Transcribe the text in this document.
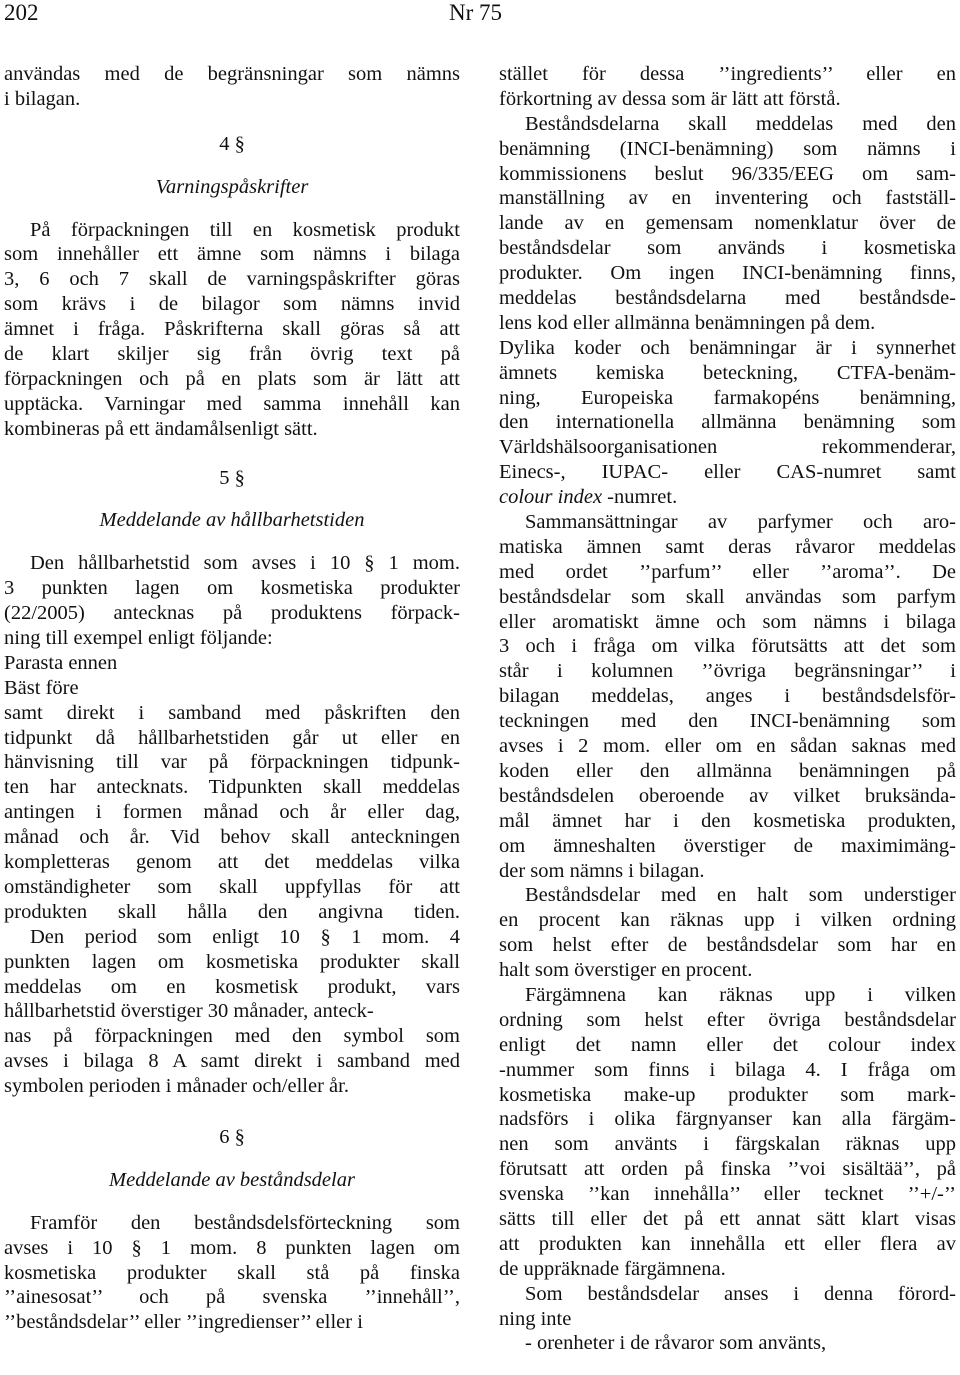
202	Nr 75
användas med de begränsningar som nämns
i bilagan.
4 §
Varningspåskrifter
På förpackningen till en kosmetisk produkt
som innehåller ett ämne som nämns i bilaga
3, 6 och 7 skall de varningspåskrifter göras
som krävs i de bilagor som nämns invid
ämnet i fråga. Påskrifterna skall göras så att
de klart skiljer sig från övrig text på
förpackningen och på en plats som är lätt att
upptäcka. Varningar med samma innehåll kan
kombineras på ett ändamålsenligt sätt.
5 §
Meddelande av hållbarhetstiden
Den hållbarhetstid som avses i 10 § 1 mom.
3 punkten lagen om kosmetiska produkter
(22/2005) antecknas på produktens förpack-
ning till exempel enligt följande:
Parasta ennen
Bäst före
samt direkt i samband med påskriften den
tidpunkt då hållbarhetstiden går ut eller en
hänvisning till var på förpackningen tidpunk-
ten har antecknats. Tidpunkten skall meddelas
antingen i formen månad och år eller dag,
månad och år. Vid behov skall anteckningen
kompletteras genom att det meddelas vilka
omständigheter som skall uppfyllas för att
produkten skall hålla den angivna tiden.
Den period som enligt 10 § 1 mom. 4
punkten lagen om kosmetiska produkter skall
meddelas om en kosmetisk produkt, vars
hållbarhetstid överstiger 30 månader, anteck-
nas på förpackningen med den symbol som
avses i bilaga 8 A samt direkt i samband med
symbolen perioden i månader och/eller år.
6 §
Meddelande av beståndsdelar
Framför den beståndsdelsförteckning som
avses i 10 § 1 mom. 8 punkten lagen om
kosmetiska produkter skall stå på finska
’’ainesosat’’ och på svenska ’’innehåll’’,
’’beståndsdelar’’ eller ’’ingredienser’’ eller i
stället för dessa ’’ingredients’’ eller en
förkortning av dessa som är lätt att förstå.
Beståndsdelarna skall meddelas med den
benämning (INCI-benämning) som nämns i
kommissionens beslut 96/335/EEG om sam-
manställning av en inventering och fastställ-
lande av en gemensam nomenklatur över de
beståndsdelar som används i kosmetiska
produkter. Om ingen INCI-benämning finns,
meddelas beståndsdelarna med beståndsde-
lens kod eller allmänna benämningen på dem.
Dylika koder och benämningar är i synnerhet
ämnets kemiska beteckning, CTFA-benäm-
ning, Europeiska farmakopéns benämning,
den internationella allmänna benämning som
Världshälsoorganisationen rekommenderar,
Einecs-, IUPAC- eller CAS-numret samt
colour index -numret.
Sammansättningar av parfymer och aro-
matiska ämnen samt deras råvaror meddelas
med ordet ’’parfum’’ eller ’’aroma’’. De
beståndsdelar som skall användas som parfym
eller aromatiskt ämne och som nämns i bilaga
3 och i fråga om vilka förutsätts att det som
står i kolumnen ’’övriga begränsningar’’ i
bilagan meddelas, anges i beståndsdelsför-
teckningen med den INCI-benämning som
avses i 2 mom. eller om en sådan saknas med
koden eller den allmänna benämningen på
beståndsdelen oberoende av vilket bruksända-
mål ämnet har i den kosmetiska produkten,
om ämneshalten överstiger de maximimäng-
der som nämns i bilagan.
Beståndsdelar med en halt som understiger
en procent kan räknas upp i vilken ordning
som helst efter de beståndsdelar som har en
halt som överstiger en procent.
Färgämnena kan räknas upp i vilken
ordning som helst efter övriga beståndsdelar
enligt det namn eller det colour index
-nummer som finns i bilaga 4. I fråga om
kosmetiska make-up produkter som mark-
nadsförs i olika färgnyanser kan alla färgäm-
nen som använts i färgskalan räknas upp
förutsatt att orden på finska ’’voi sisältää’’, på
svenska ’’kan innehålla’’ eller tecknet ’’+/-’’
sätts till eller det på ett annat sätt klart visas
att produkten kan innehålla ett eller flera av
de uppräknade färgämnena.
Som beståndsdelar anses i denna förord-
ning inte
- orenheter i de råvaror som använts,
